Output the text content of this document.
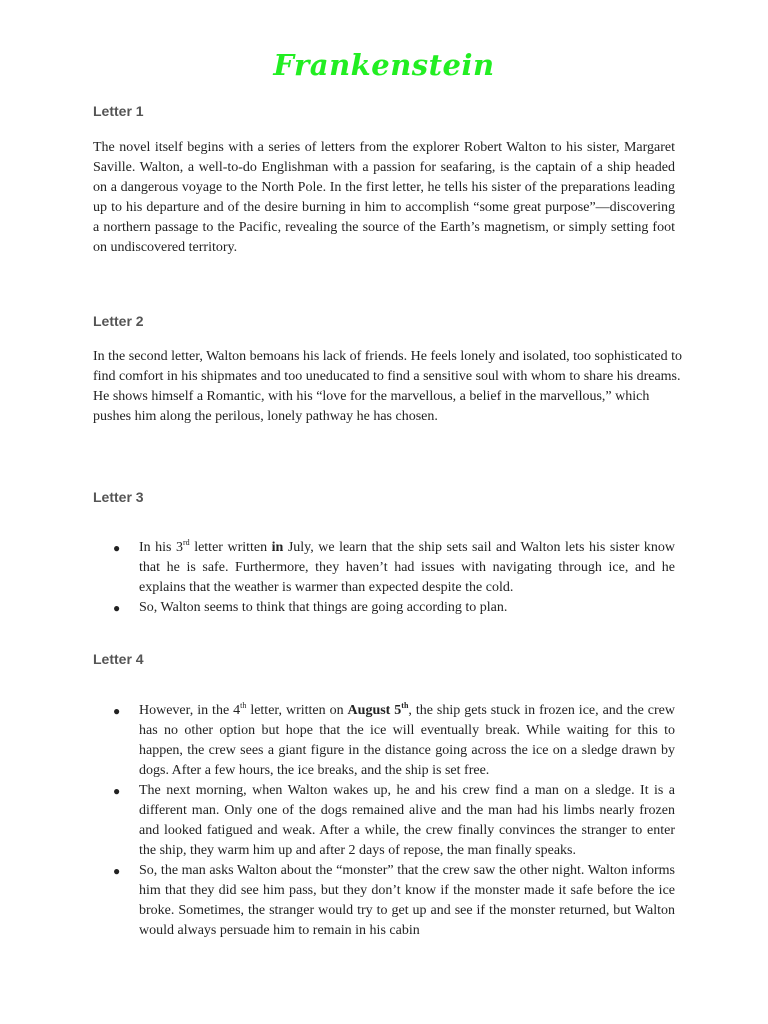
Frankenstein
Letter 1

The novel itself begins with a series of letters from the explorer Robert Walton to his sister, Margaret Saville. Walton, a well-to-do Englishman with a passion for seafaring, is the captain of a ship headed on a dangerous voyage to the North Pole. In the first letter, he tells his sister of the preparations leading up to his departure and of the desire burning in him to accomplish “some great purpose”—discovering a northern passage to the Pacific, revealing the source of the Earth’s magnetism, or simply setting foot on undiscovered territory.

Letter 2

In the second letter, Walton bemoans his lack of friends. He feels lonely and isolated, too sophisticated to find comfort in his shipmates and too uneducated to find a sensitive soul with whom to share his dreams. He shows himself a Romantic, with his “love for the marvellous, a belief in the marvellous,” which pushes him along the perilous, lonely pathway he has chosen.

Letter 3
● In his 3rd letter written in July, we learn that the ship sets sail and Walton lets his sister know that he is safe. Furthermore, they haven’t had issues with navigating through ice, and he explains that the weather is warmer than expected despite the cold.
● So, Walton seems to think that things are going according to plan.
Letter 4
● However, in the 4th letter, written on August 5th, the ship gets stuck in frozen ice, and the crew has no other option but hope that the ice will eventually break. While waiting for this to happen, the crew sees a giant figure in the distance going across the ice on a sledge drawn by dogs. After a few hours, the ice breaks, and the ship is set free.
● The next morning, when Walton wakes up, he and his crew find a man on a sledge. It is a different man. Only one of the dogs remained alive and the man had his limbs nearly frozen and looked fatigued and weak. After a while, the crew finally convinces the stranger to enter the ship, they warm him up and after 2 days of repose, the man finally speaks.
● So, the man asks Walton about the “monster” that the crew saw the other night. Walton informs him that they did see him pass, but they don’t know if the monster made it safe before the ice broke. Sometimes, the stranger would try to get up and see if the monster returned, but Walton would always persuade him to remain in his cabin
